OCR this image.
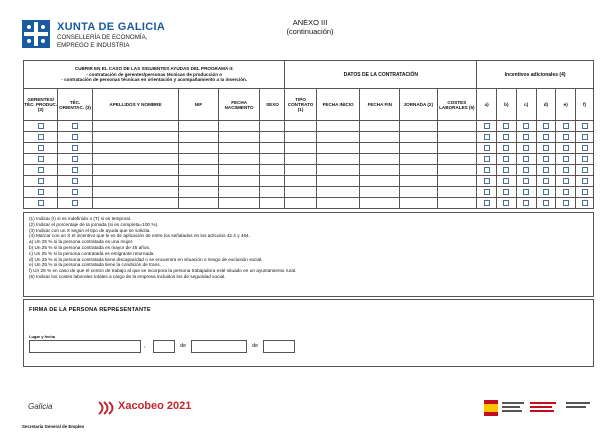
XUNTA DE GALICIA
CONSELLERÍA DE ECONOMÍA,
EMPREGO E INDUSTRIA
ANEXO III
(continuación)
CUBRIR EN EL CASO DE LAS SIGUIENTES AYUDAS DEL PROGRAMA II:
- contratación de gerentes/personas técnicas de producción o
- contratación de personas técnicas en orientación y acompañamiento a la inserción.						DATOS DE LA CONTRATACIÓN					Incentivos adicionales (4)					
GERENTES/ TÉC. PRODUC. (3)	TÉC. ORIENTAC. (3)	APELLIDOS Y NOMBRE	NIF	FECHA NACIMIENTO	SEXO	TIPO CONTRATO (1)	FECHA INICIO	FECHA FIN	JORNADA (2)	COSTES LABORALES (5)	a)	b)	c)	d)	e)	f)

(1) Indicar (I) si es indefinido o (T) si es temporal.
(2) Indicar el porcentaje de la jornada (si es completa=100 %).
(3) Indicar con un X según el tipo de ayuda que se solicita.
(4) Marcar con un X el incentivo que le es de aplicación de entre los señalados en los artículos 42.4 y 464.
a) Un 25 % si la persona contratada es una mujer.
b) Un 25 % si la persona contratada es mayor de 45 años.
c) Un 25 % si la persona contratada es emigrante retornada.
d) Un 25 % si la persona contratada tiene discapacidad o se encuentra en situación o riesgo de exclusión social.
e) Un 25 % si la persona contratada tiene la condición de trans.
f) Un 25 % en caso de que el centro de trabajo al que se incorpora la persona trabajadora esté situado en un ayuntamiento rural.
(5) Indicar los costes laborales totales a cargo de la empresa incluidos los de seguridad social.
FIRMA DE LA PERSONA REPRESENTANTE
Lugar y fecha
,	de	de
Galicia	Xacobeo 2021
Secretaría General de Empleo
